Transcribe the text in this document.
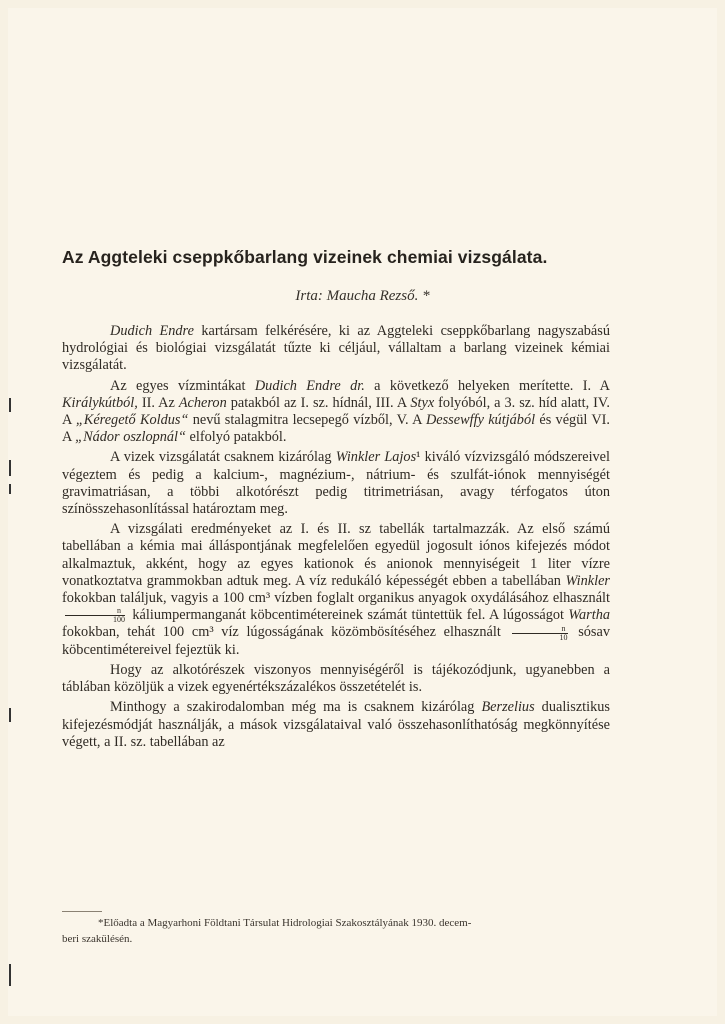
Az Aggteleki cseppkőbarlang vizeinek chemiai vizsgálata.
Irta: Maucha Rezső. *

Dudich Endre kartársam felkérésére, ki az Aggteleki cseppkőbarlang nagyszabású hydrológiai és biológiai vizsgálatát tűzte ki céljául, vállaltam a barlang vizeinek kémiai vizsgálatát.

Az egyes vízmintákat Dudich Endre dr. a következő helyeken merítette. I. A Királykútból, II. Az Acheron patakból az I. sz. hídnál, III. A Styx folyóból, a 3. sz. híd alatt, IV. A „Kéregető Koldus“ nevű stalagmitra lecsepegő vízből, V. A Dessewffy kútjából és végül VI. A „Nádor oszlopnál“ elfolyó patakból.

A vizek vizsgálatát csaknem kizárólag Winkler Lajos¹ kiváló vízvizsgáló módszereivel végeztem és pedig a kalcium-, magnézium-, nátrium- és szulfát-iónok mennyiségét gravimatriásan, a többi alkotórészt pedig titrimetriásan, avagy térfogatos úton színösszehasonlítással határoztam meg.

A vizsgálati eredményeket az I. és II. sz tabellák tartalmazzák. Az első számú tabellában a kémia mai álláspontjának megfelelően egyedül jogosult iónos kifejezés módot alkalmaztuk, akként, hogy az egyes kationok és anionok mennyiségeit 1 liter vízre vonatkoztatva grammokban adtuk meg. A víz redukáló képességét ebben a tabellában Winkler fokokban találjuk, vagyis a 100 cm³ vízben foglalt organikus anyagok oxydálásához elhasznált
$\frac{n}{100}$ káliumpermanganát köbcentimétereinek számát tüntettük fel. A lúgosságot Wartha fokokban, tehát 100 cm³ víz lúgosságának közömbösítéséhez elhasznált $\frac{n}{10}$ sósav köbcentimétereivel fejeztük ki.

Hogy az alkotórészek viszonyos mennyiségéről is tájékozódjunk, ugyanebben a táblában közöljük a vizek egyenértékszázalékos összetételét is.

Minthogy a szakirodalomban még ma is csaknem kizárólag Berzelius dualisztikus kifejezésmódját használják, a mások vizsgálataival való összehasonlíthatóság megkönnyítése végett, a II. sz. tabellában az

*Előadta a Magyarhoni Földtani Társulat Hidrologiai Szakosztályának 1930. decem-
beri szakülésén.
